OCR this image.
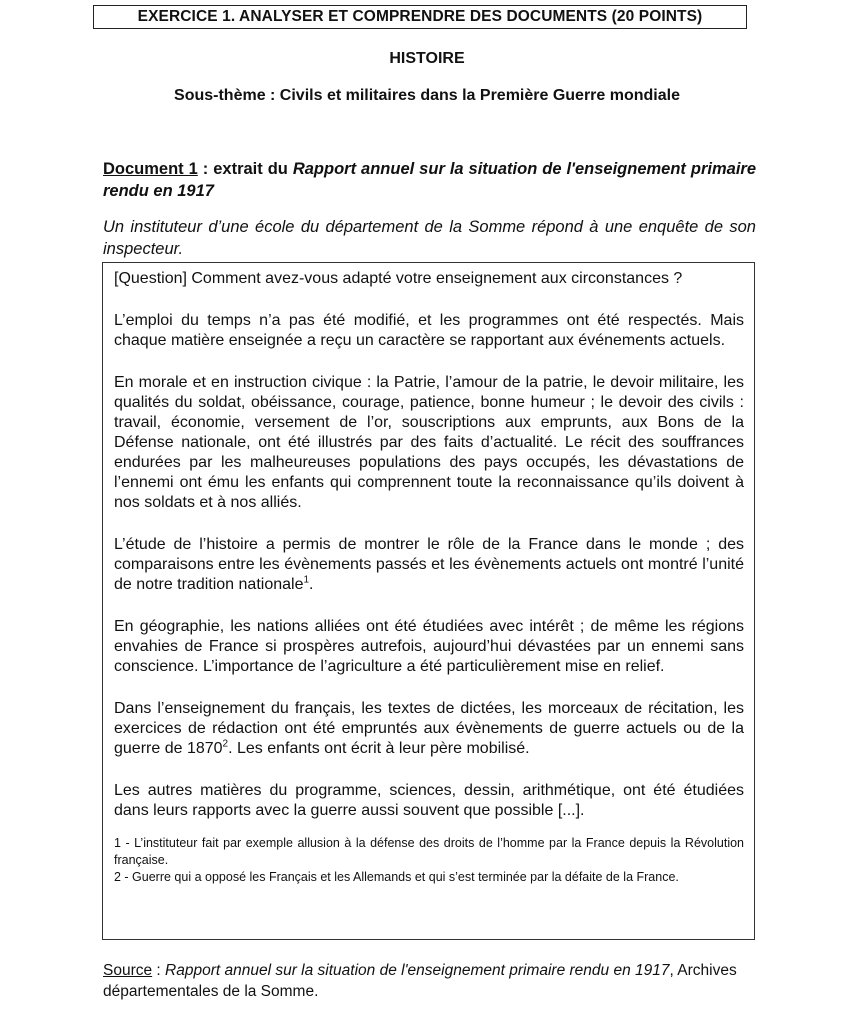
EXERCICE 1. ANALYSER ET COMPRENDRE DES DOCUMENTS (20 POINTS)
HISTOIRE
Sous-thème : Civils et militaires dans la Première Guerre mondiale
Document 1 : extrait du Rapport annuel sur la situation de l'enseignement primaire rendu en 1917
Un instituteur d’une école du département de la Somme répond à une enquête de son inspecteur.

[Question] Comment avez-vous adapté votre enseignement aux circonstances ?

L’emploi du temps n’a pas été modifié, et les programmes ont été respectés. Mais chaque matière enseignée a reçu un caractère se rapportant aux événements actuels.

En morale et en instruction civique : la Patrie, l’amour de la patrie, le devoir militaire, les qualités du soldat, obéissance, courage, patience, bonne humeur ; le devoir des civils : travail, économie, versement de l’or, souscriptions aux emprunts, aux Bons de la Défense nationale, ont été illustrés par des faits d’actualité. Le récit des souffrances endurées par les malheureuses populations des pays occupés, les dévastations de l’ennemi ont ému les enfants qui comprennent toute la reconnaissance qu’ils doivent à nos soldats et à nos alliés.

L’étude de l’histoire a permis de montrer le rôle de la France dans le monde ; des comparaisons entre les évènements passés et les évènements actuels ont montré l’unité de notre tradition nationale$^1$.

En géographie, les nations alliées ont été étudiées avec intérêt ; de même les régions envahies de France si prospères autrefois, aujourd’hui dévastées par un ennemi sans conscience. L’importance de l’agriculture a été particulièrement mise en relief.

Dans l’enseignement du français, les textes de dictées, les morceaux de récitation, les exercices de rédaction ont été empruntés aux évènements de guerre actuels ou de la guerre de 1870$^2$. Les enfants ont écrit à leur père mobilisé.

Les autres matières du programme, sciences, dessin, arithmétique, ont été étudiées dans leurs rapports avec la guerre aussi souvent que possible [...].

1 - L’instituteur fait par exemple allusion à la défense des droits de l’homme par la France depuis la Révolution française.

2 - Guerre qui a opposé les Français et les Allemands et qui s’est terminée par la défaite de la France.

Source : Rapport annuel sur la situation de l'enseignement primaire rendu en 1917, Archives départementales de la Somme.
